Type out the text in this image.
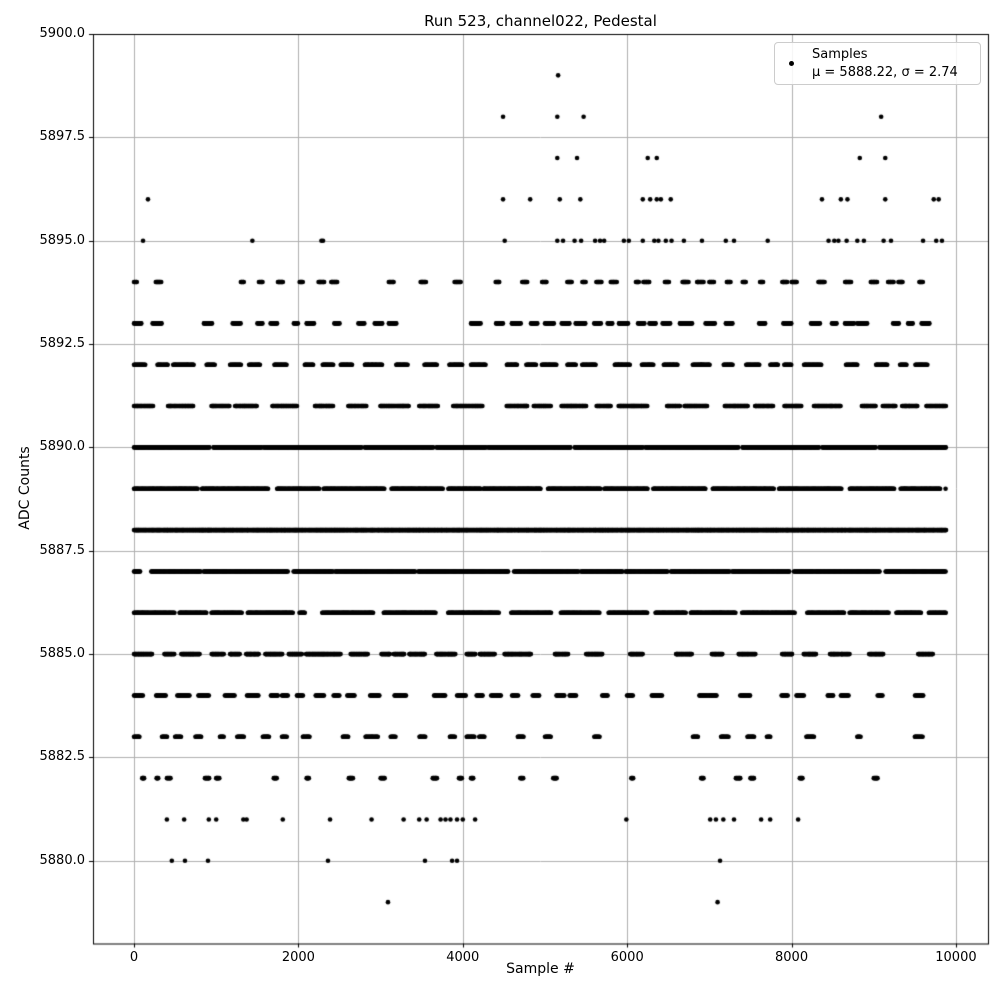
Run 523, channel022, Pedestal
Sample #
ADC Counts
5900.0
5897.5
5895.0
5892.5
5890.0
5887.5
5885.0
5882.5
5880.0
0	2000	4000	6000	8000	10000
Samples
μ = 5888.22, σ = 2.74
